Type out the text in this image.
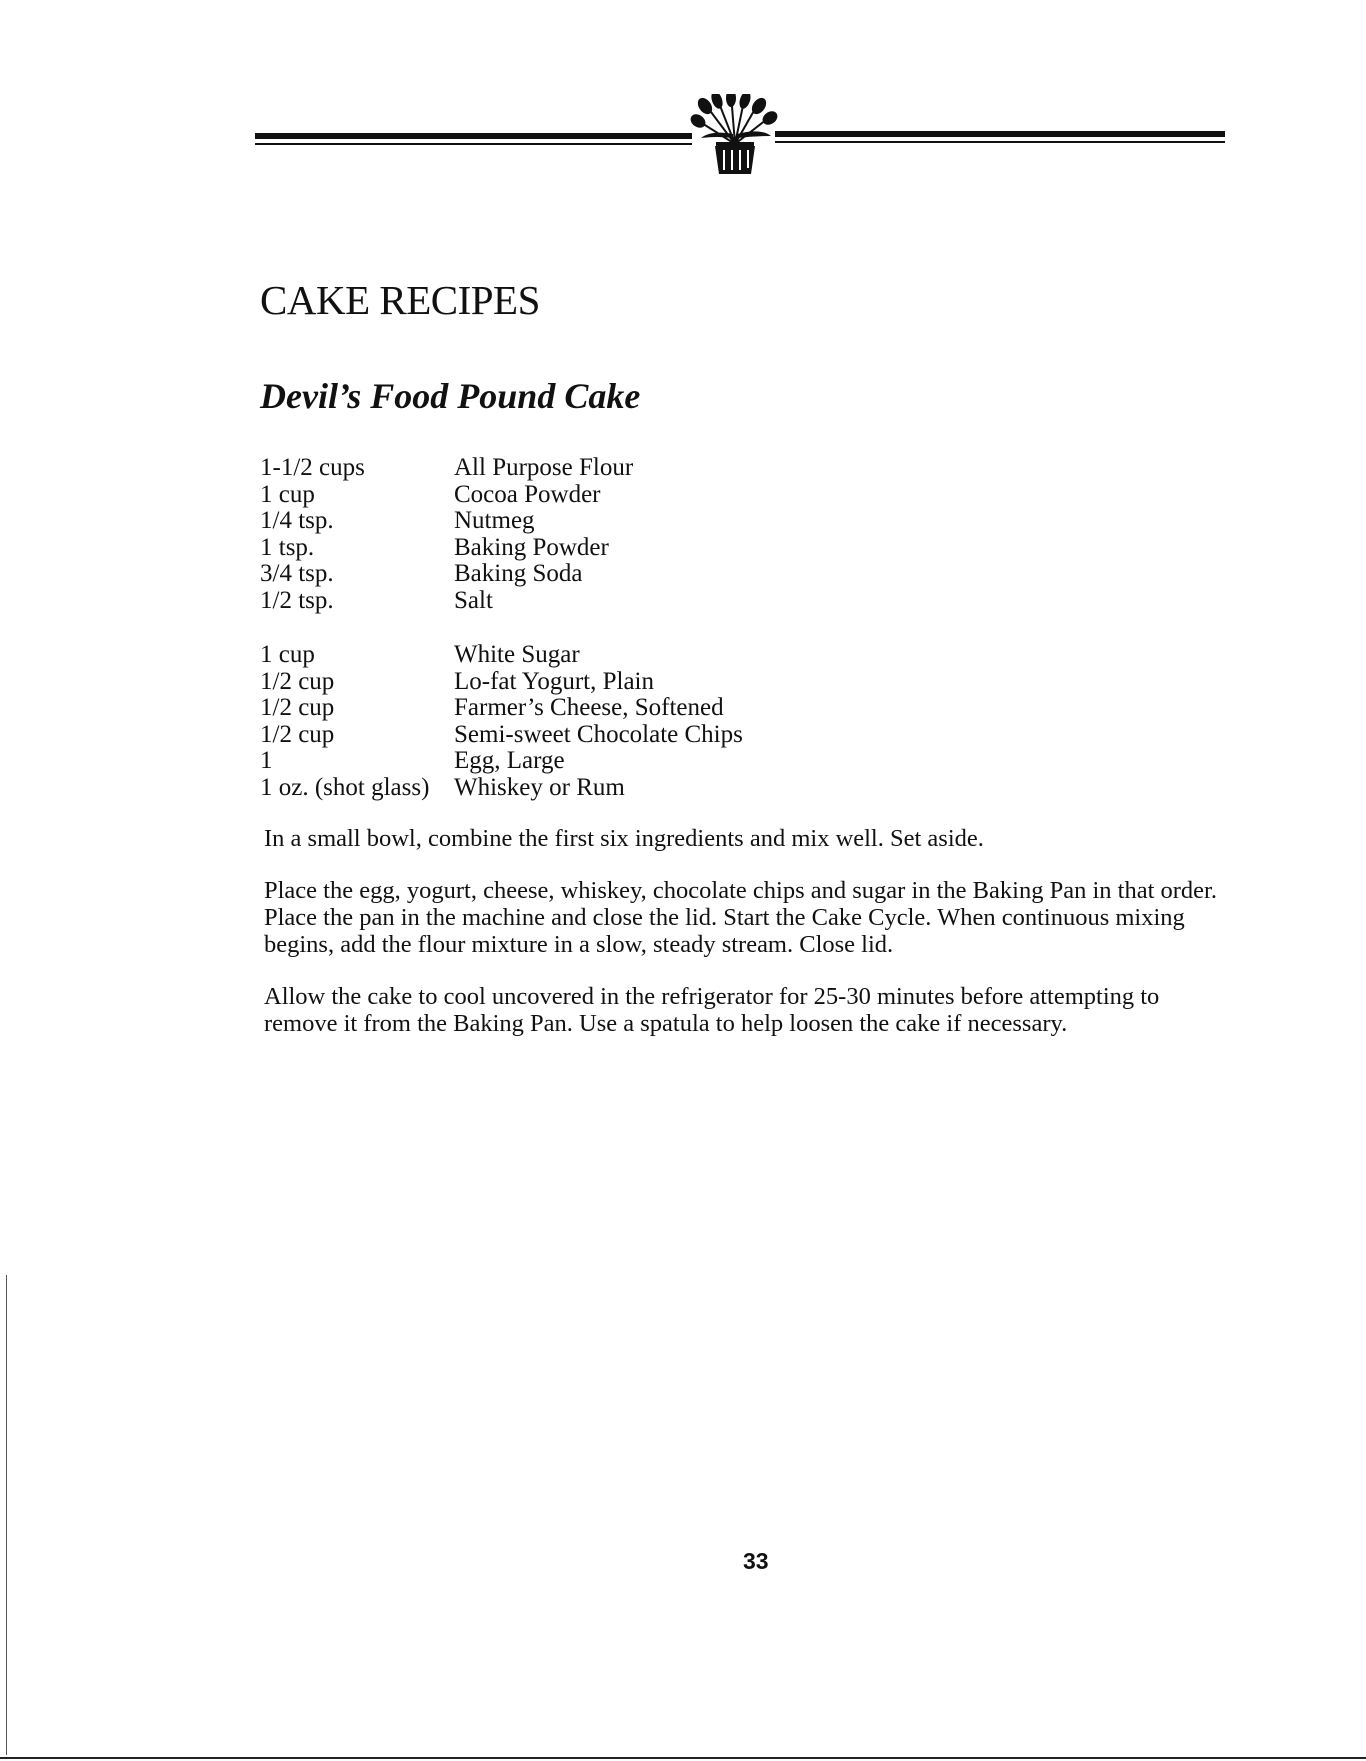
CAKE RECIPES
Devil’s Food Pound Cake
1-1/2 cups	All Purpose Flour
1 cup	Cocoa Powder
1/4 tsp.	Nutmeg
1 tsp.	Baking Powder
3/4 tsp.	Baking Soda
1/2 tsp.	Salt
1 cup	White Sugar
1/2 cup	Lo-fat Yogurt, Plain
1/2 cup	Farmer’s Cheese, Softened
1/2 cup	Semi-sweet Chocolate Chips
1	Egg, Large
1 oz. (shot glass) Whiskey or Rum

In a small bowl, combine the first six ingredients and mix well. Set aside.

Place the egg, yogurt, cheese, whiskey, chocolate chips and sugar in the Baking Pan in that order. Place the pan in the machine and close the lid. Start the Cake Cycle. When continuous mixing begins, add the flour mixture in a slow, steady stream. Close lid.

Allow the cake to cool uncovered in the refrigerator for 25-30 minutes before attempting to remove it from the Baking Pan. Use a spatula to help loosen the cake if necessary.

33
